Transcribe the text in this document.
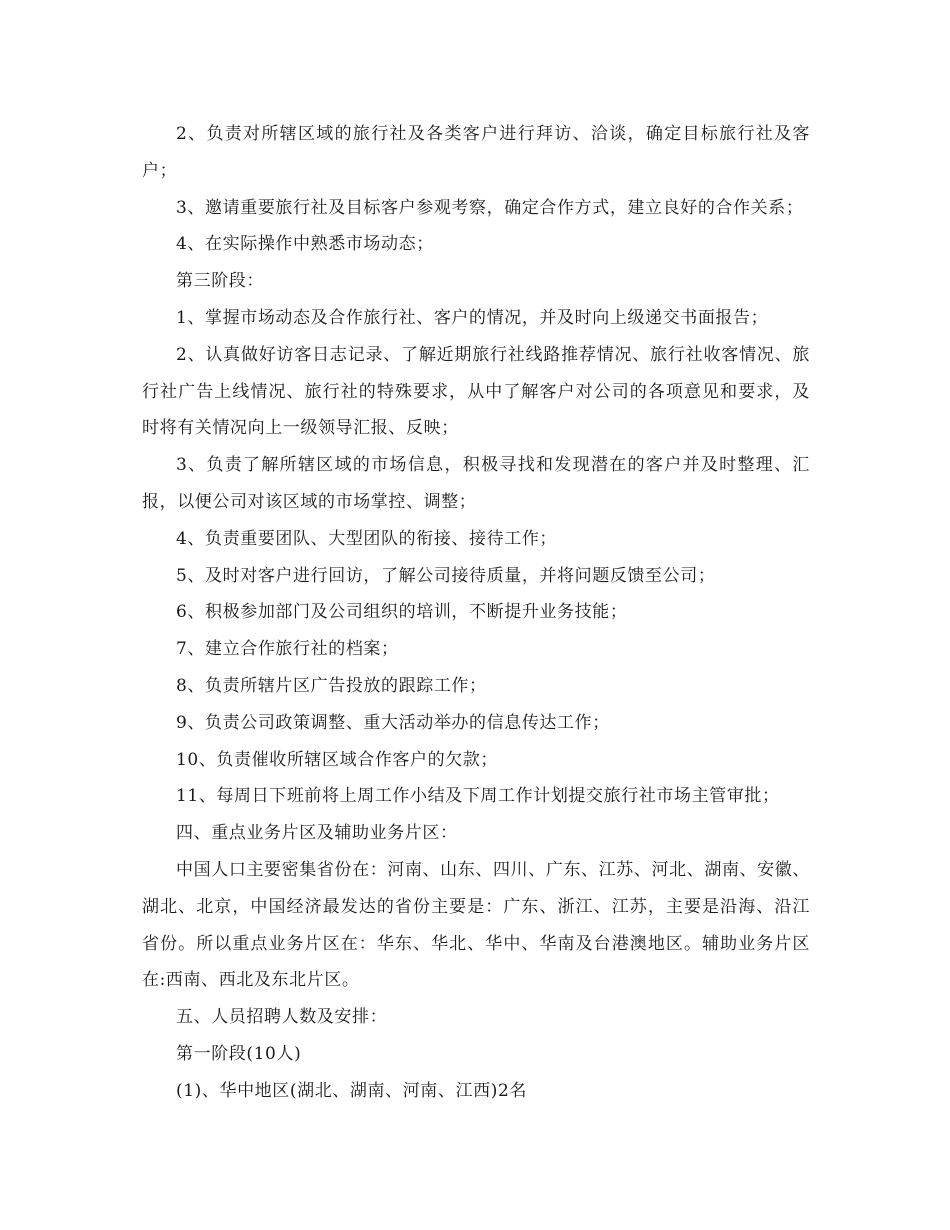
2、负责对所辖区域的旅行社及各类客户进行拜访、洽谈，确定目标旅行社及客户；

3、邀请重要旅行社及目标客户参观考察，确定合作方式，建立良好的合作关系；

4、在实际操作中熟悉市场动态；

第三阶段：

1、掌握市场动态及合作旅行社、客户的情况，并及时向上级递交书面报告；

2、认真做好访客日志记录、了解近期旅行社线路推荐情况、旅行社收客情况、旅行社广告上线情况、旅行社的特殊要求，从中了解客户对公司的各项意见和要求，及时将有关情况向上一级领导汇报、反映；

3、负责了解所辖区域的市场信息，积极寻找和发现潜在的客户并及时整理、汇报，以便公司对该区域的市场掌控、调整；

4、负责重要团队、大型团队的衔接、接待工作；

5、及时对客户进行回访，了解公司接待质量，并将问题反馈至公司；

6、积极参加部门及公司组织的培训，不断提升业务技能；

7、建立合作旅行社的档案；

8、负责所辖片区广告投放的跟踪工作；

9、负责公司政策调整、重大活动举办的信息传达工作；

10、负责催收所辖区域合作客户的欠款；

11、每周日下班前将上周工作小结及下周工作计划提交旅行社市场主管审批；

四、重点业务片区及辅助业务片区：

中国人口主要密集省份在：河南、山东、四川、广东、江苏、河北、湖南、安徽、湖北、北京，中国经济最发达的省份主要是：广东、浙江、江苏，主要是沿海、沿江省份。所以重点业务片区在：华东、华北、华中、华南及台港澳地区。辅助业务片区在:西南、西北及东北片区。

五、人员招聘人数及安排：

第一阶段(10人)

(1)、华中地区(湖北、湖南、河南、江西)2名
